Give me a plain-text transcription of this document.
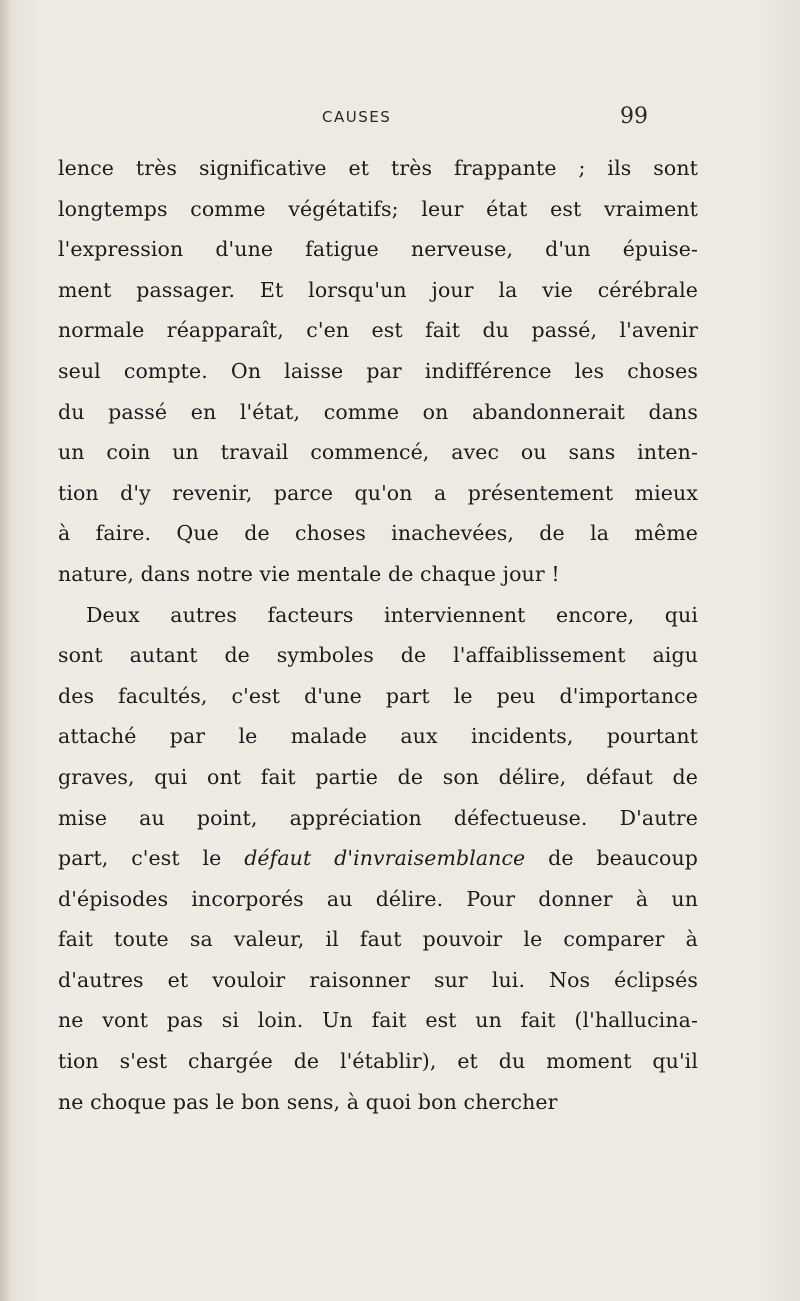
CAUSES	99
lence très significative et très frappante ; ils sont
longtemps comme végétatifs; leur état est vraiment
l'expression d'une fatigue nerveuse, d'un épuise-
ment passager. Et lorsqu'un jour la vie cérébrale
normale réapparaît, c'en est fait du passé, l'avenir
seul compte. On laisse par indifférence les choses
du passé en l'état, comme on abandonnerait dans
un coin un travail commencé, avec ou sans inten-
tion d'y revenir, parce qu'on a présentement mieux
à faire. Que de choses inachevées, de la même
nature, dans notre vie mentale de chaque jour !
Deux autres facteurs interviennent encore, qui
sont autant de symboles de l'affaiblissement aigu
des facultés, c'est d'une part le peu d'importance
attaché par le malade aux incidents, pourtant
graves, qui ont fait partie de son délire, défaut de
mise au point, appréciation défectueuse. D'autre
part, c'est le défaut d'invraisemblance de beaucoup
d'épisodes incorporés au délire. Pour donner à un
fait toute sa valeur, il faut pouvoir le comparer à
d'autres et vouloir raisonner sur lui. Nos éclipsés
ne vont pas si loin. Un fait est un fait (l'hallucina-
tion s'est chargée de l'établir), et du moment qu'il
ne choque pas le bon sens, à quoi bon chercher
